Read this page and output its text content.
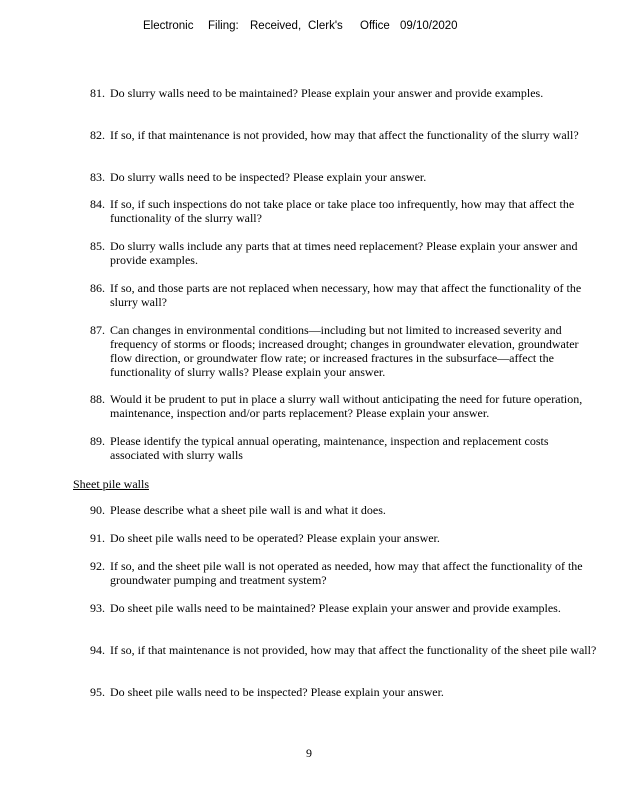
Electronic

Filing:

Received,

Clerk's

Office

09/10/2020

81. Do slurry walls need to be maintained? Please explain your answer and provide examples.
82. If so, if that maintenance is not provided, how may that affect the functionality of the slurry wall?
83. Do slurry walls need to be inspected? Please explain your answer.
84. If so, if such inspections do not take place or take place too infrequently, how may that affect the functionality of the slurry wall?
85. Do slurry walls include any parts that at times need replacement? Please explain your answer and provide examples.
86. If so, and those parts are not replaced when necessary, how may that affect the functionality of the slurry wall?
87. Can changes in environmental conditions—including but not limited to increased severity and frequency of storms or floods; increased drought; changes in groundwater elevation, groundwater flow direction, or groundwater flow rate; or increased fractures in the subsurface—affect the functionality of slurry walls? Please explain your answer.
88. Would it be prudent to put in place a slurry wall without anticipating the need for future operation, maintenance, inspection and/or parts replacement? Please explain your answer.
89. Please identify the typical annual operating, maintenance, inspection and replacement costs associated with slurry walls
Sheet pile walls
90. Please describe what a sheet pile wall is and what it does.
91. Do sheet pile walls need to be operated? Please explain your answer.
92. If so, and the sheet pile wall is not operated as needed, how may that affect the functionality of the groundwater pumping and treatment system?
93. Do sheet pile walls need to be maintained? Please explain your answer and provide examples.
94. If so, if that maintenance is not provided, how may that affect the functionality of the sheet pile wall?
95. Do sheet pile walls need to be inspected? Please explain your answer.
9
